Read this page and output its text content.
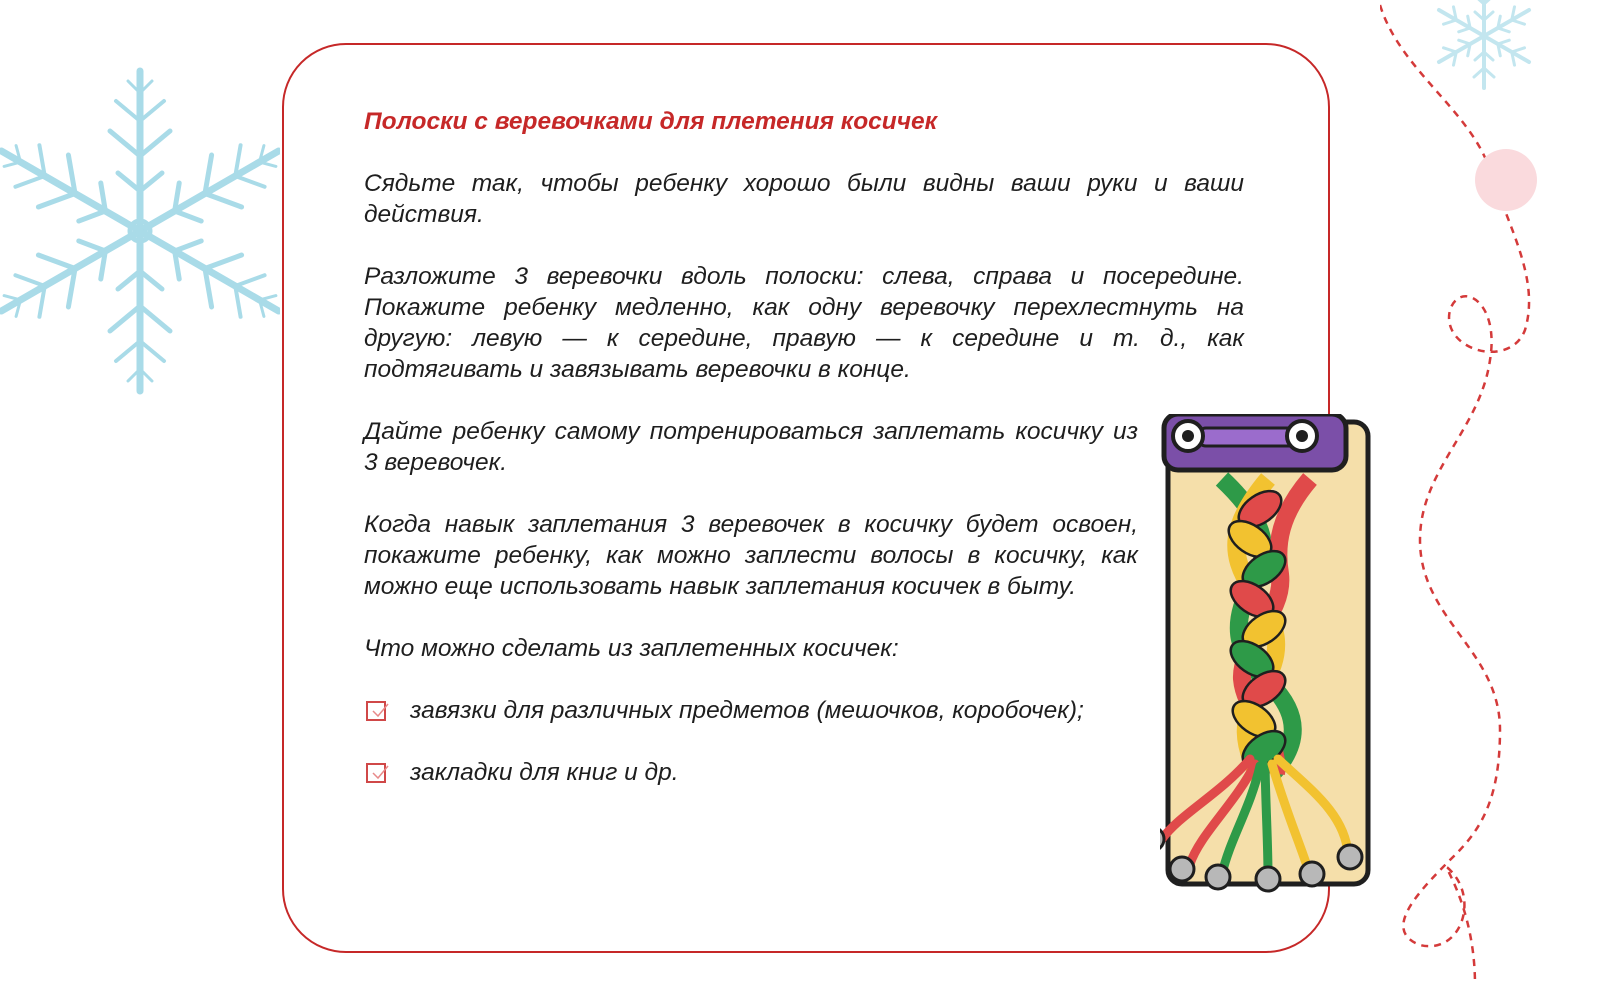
Полоски с веревочками для плетения косичек
Сядьте так, чтобы ребенку хорошо были видны ваши руки и ваши действия.
Разложите 3 веревочки вдоль полоски: слева, справа и посередине. Покажите ребенку медленно, как одну веревочку перехлестнуть на другую: левую — к середине, правую — к середине и т. д., как подтягивать и завязывать веревочки в конце.
Дайте ребенку самому потренироваться заплетать косичку из 3 веревочек.
Когда навык заплетания 3 веревочек в косичку будет освоен, покажите ребенку, как можно заплести волосы в косичку, как можно еще использовать навык заплетания косичек в быту.
Что можно сделать из заплетенных косичек:
завязки для различных предметов (мешочков, коробочек);
закладки для книг и др.
